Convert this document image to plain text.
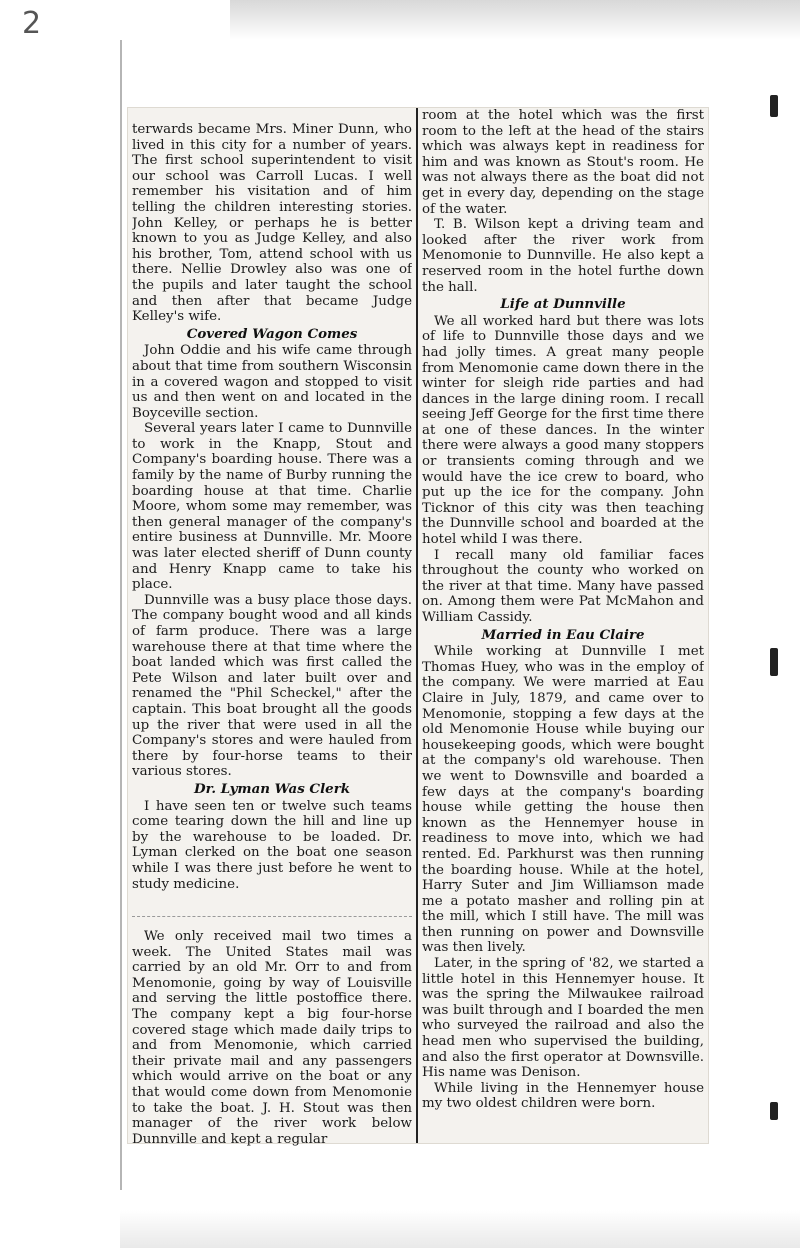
2

terwards became Mrs. Miner Dunn, who lived in this city for a number of years. The first school superintendent to visit our school was Carroll Lucas. I well remember his visitation and of him telling the children interesting stories. John Kelley, or perhaps he is better known to you as Judge Kelley, and also his brother, Tom, attend school with us there. Nellie Drowley also was one of the pupils and later taught the school and then after that became Judge Kelley's wife.

Covered Wagon Comes

John Oddie and his wife came through about that time from southern Wisconsin in a covered wagon and stopped to visit us and then went on and located in the Boyceville section.

Several years later I came to Dunnville to work in the Knapp, Stout and Company's boarding house. There was a family by the name of Burby running the boarding house at that time. Charlie Moore, whom some may remember, was then general manager of the company's entire business at Dunnville. Mr. Moore was later elected sheriff of Dunn county and Henry Knapp came to take his place.

Dunnville was a busy place those days. The company bought wood and all kinds of farm produce. There was a large warehouse there at that time where the boat landed which was first called the Pete Wilson and later built over and renamed the "Phil Scheckel," after the captain. This boat brought all the goods up the river that were used in all the Company's stores and were hauled from there by four-horse teams to their various stores.

Dr. Lyman Was Clerk

I have seen ten or twelve such teams come tearing down the hill and line up by the warehouse to be loaded. Dr. Lyman clerked on the boat one season while I was there just before he went to study medicine.

We only received mail two times a week. The United States mail was carried by an old Mr. Orr to and from Menomonie, going by way of Louisville and serving the little postoffice there. The company kept a big four-horse covered stage which made daily trips to and from Menomonie, which carried their private mail and any passengers which would arrive on the boat or any that would come down from Menomonie to take the boat. J. H. Stout was then manager of the river work below Dunnville and kept a regular

room at the hotel which was the first room to the left at the head of the stairs which was always kept in readiness for him and was known as Stout's room. He was not always there as the boat did not get in every day, depending on the stage of the water.

T. B. Wilson kept a driving team and looked after the river work from Menomonie to Dunnville. He also kept a reserved room in the hotel furthe down the hall.

Life at Dunnville

We all worked hard but there was lots of life to Dunnville those days and we had jolly times. A great many people from Menomonie came down there in the winter for sleigh ride parties and had dances in the large dining room. I recall seeing Jeff George for the first time there at one of these dances. In the winter there were always a good many stoppers or transients coming through and we would have the ice crew to board, who put up the ice for the company. John Ticknor of this city was then teaching the Dunnville school and boarded at the hotel whild I was there.

I recall many old familiar faces throughout the county who worked on the river at that time. Many have passed on. Among them were Pat McMahon and William Cassidy.

Married in Eau Claire

While working at Dunnville I met Thomas Huey, who was in the employ of the company. We were married at Eau Claire in July, 1879, and came over to Menomonie, stopping a few days at the old Menomonie House while buying our housekeeping goods, which were bought at the company's old warehouse. Then we went to Downsville and boarded a few days at the company's boarding house while getting the house then known as the Hennemyer house in readiness to move into, which we had rented. Ed. Parkhurst was then running the boarding house. While at the hotel, Harry Suter and Jim Williamson made me a potato masher and rolling pin at the mill, which I still have. The mill was then running on power and Downsville was then lively.

Later, in the spring of '82, we started a little hotel in this Hennemyer house. It was the spring the Milwaukee railroad was built through and I boarded the men who surveyed the railroad and also the head men who supervised the building, and also the first operator at Downsville. His name was Denison.

While living in the Hennemyer house my two oldest children were born.
